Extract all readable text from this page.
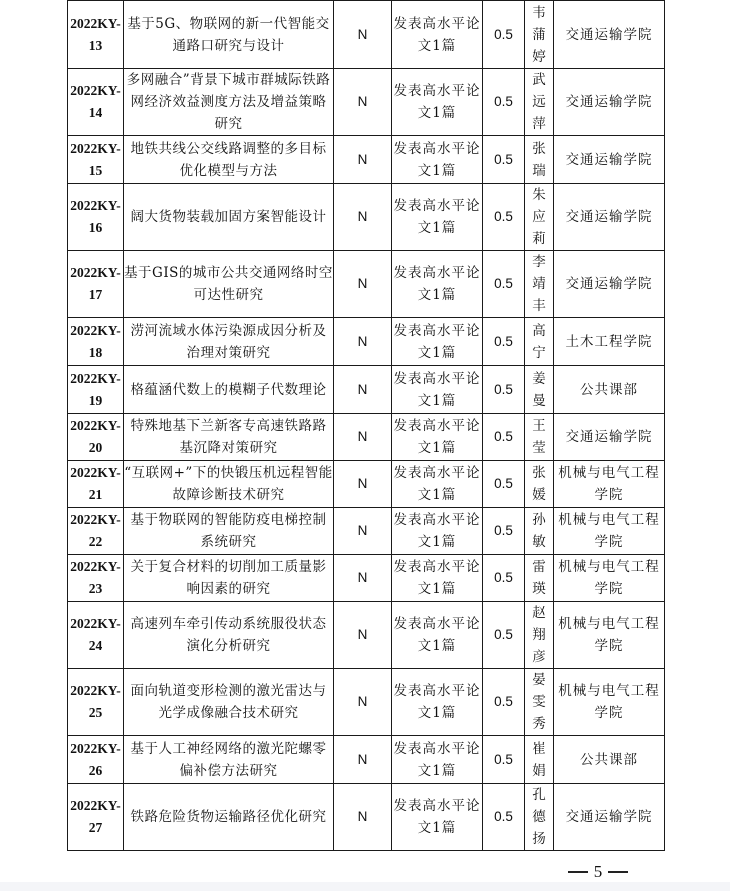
2022KY-13	基于5G、物联网的新一代智能交通路口研究与设计	N	发表高水平论文1篇	0.5	韦蒲婷	交通运输学院
2022KY-14	多网融合”背景下城市群城际铁路网经济效益测度方法及增益策略研究	N	发表高水平论文1篇	0.5	武远萍	交通运输学院
2022KY-15	地铁共线公交线路调整的多目标优化模型与方法	N	发表高水平论文1篇	0.5	张瑞	交通运输学院
2022KY-16	阔大货物装载加固方案智能设计	N	发表高水平论文1篇	0.5	朱应莉	交通运输学院
2022KY-17	基于GIS的城市公共交通网络时空可达性研究	N	发表高水平论文1篇	0.5	李靖丰	交通运输学院
2022KY-18	涝河流域水体污染源成因分析及治理对策研究	N	发表高水平论文1篇	0.5	高宁	土木工程学院
2022KY-19	格蕴涵代数上的模糊子代数理论	N	发表高水平论文1篇	0.5	姜曼	公共课部
2022KY-20	特殊地基下兰新客专高速铁路路基沉降对策研究	N	发表高水平论文1篇	0.5	王莹	交通运输学院
2022KY-21	“互联网+”下的快锻压机远程智能故障诊断技术研究	N	发表高水平论文1篇	0.5	张媛	机械与电气工程学院
2022KY-22	基于物联网的智能防疫电梯控制系统研究	N	发表高水平论文1篇	0.5	孙敏	机械与电气工程学院
2022KY-23	关于复合材料的切削加工质量影响因素的研究	N	发表高水平论文1篇	0.5	雷瑛	机械与电气工程学院
2022KY-24	高速列车牵引传动系统服役状态演化分析研究	N	发表高水平论文1篇	0.5	赵翔彦	机械与电气工程学院
2022KY-25	面向轨道变形检测的激光雷达与光学成像融合技术研究	N	发表高水平论文1篇	0.5	晏雯秀	机械与电气工程学院
2022KY-26	基于人工神经网络的激光陀螺零偏补偿方法研究	N	发表高水平论文1篇	0.5	崔娟	公共课部
2022KY-27	铁路危险货物运输路径优化研究	N	发表高水平论文1篇	0.5	孔德扬	交通运输学院
5
